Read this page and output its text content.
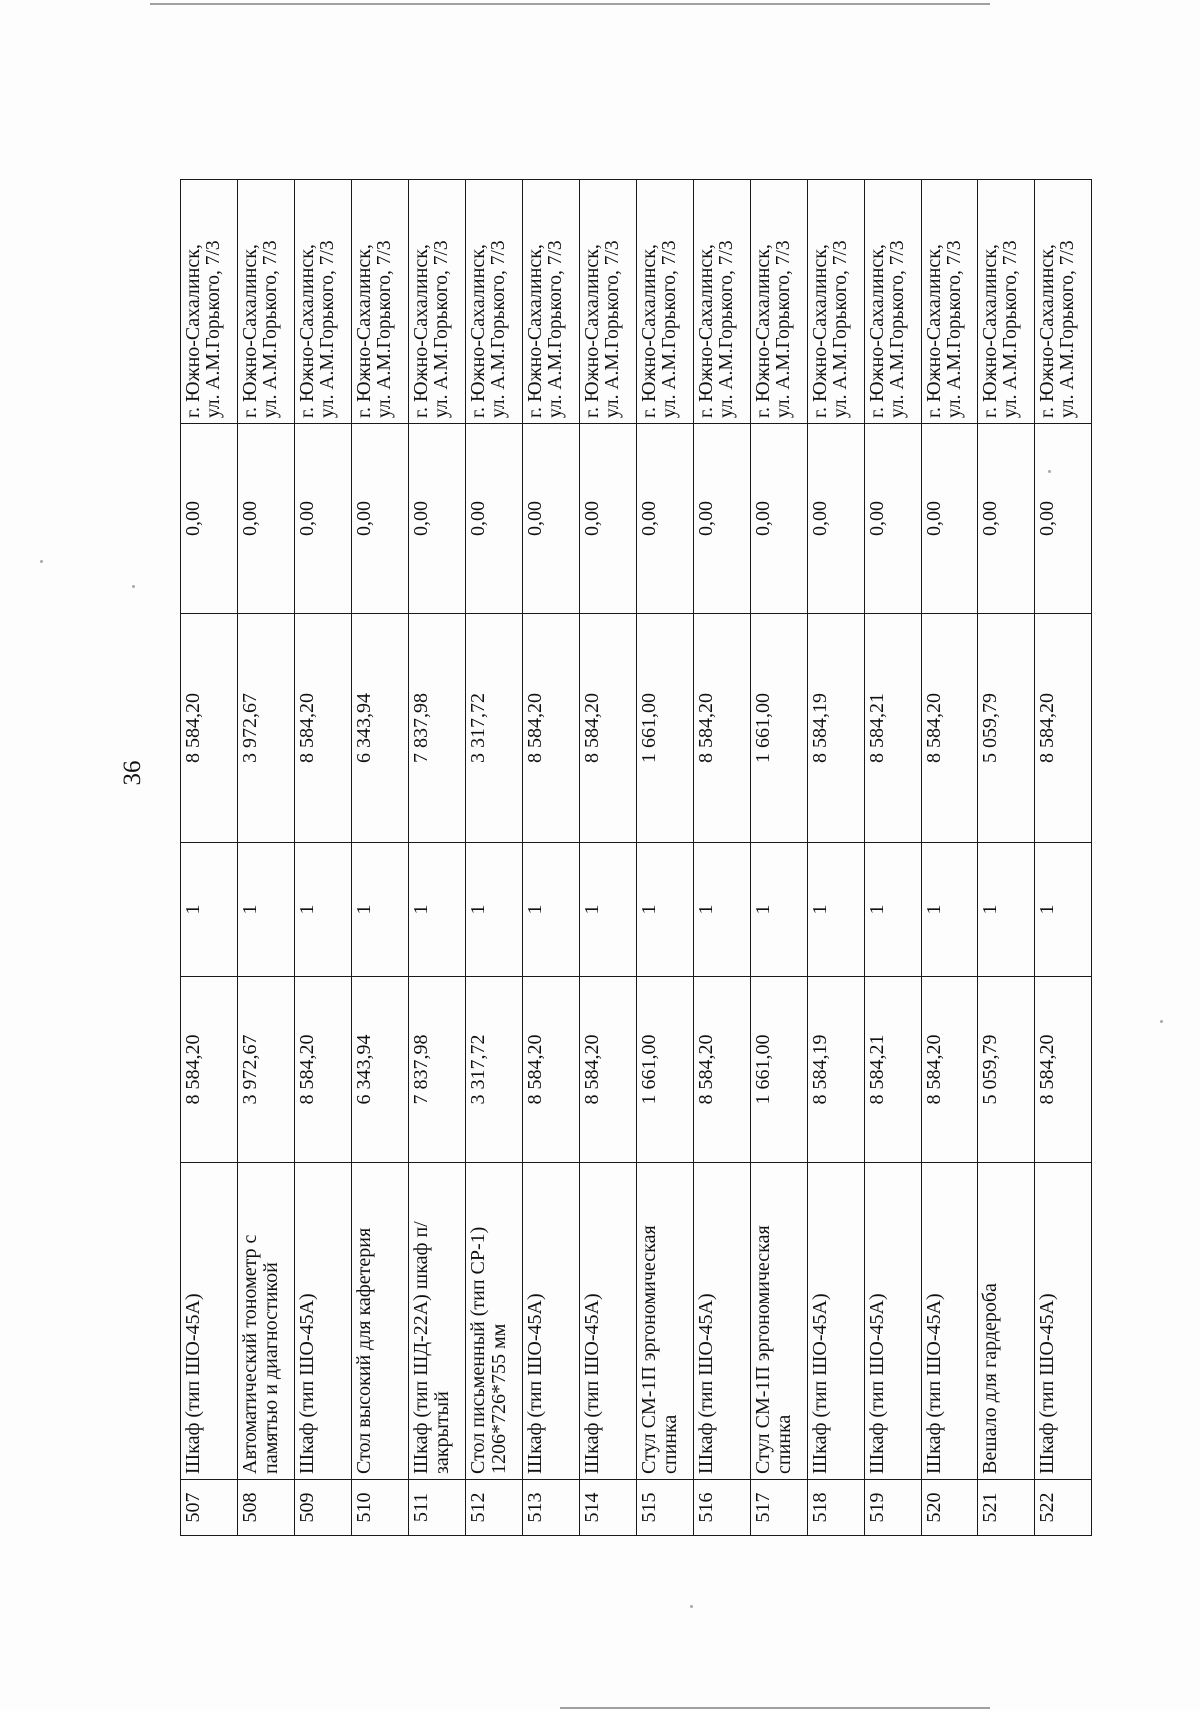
36
507	Шкаф (тип ШО-45А)	8 584,20	1	8 584,20	0,00	г. Южно-Сахалинск, ул. А.М.Горького, 7/3

508	Автоматический тонометр с памятью и диагностикой	3 972,67	1	3 972,67	0,00	г. Южно-Сахалинск, ул. А.М.Горького, 7/3

509	Шкаф (тип ШО-45А)	8 584,20	1	8 584,20	0,00	г. Южно-Сахалинск, ул. А.М.Горького, 7/3

510	Стол высокий для кафетерия	6 343,94	1	6 343,94	0,00	г. Южно-Сахалинск, ул. А.М.Горького, 7/3

511	Шкаф (тип ШД-22А) шкаф п/закрытый	7 837,98	1	7 837,98	0,00	г. Южно-Сахалинск, ул. А.М.Горького, 7/3

512	Стол письменный (тип СР-1) 1206*726*755 мм	3 317,72	1	3 317,72	0,00	г. Южно-Сахалинск, ул. А.М.Горького, 7/3

513	Шкаф (тип ШО-45А)	8 584,20	1	8 584,20	0,00	г. Южно-Сахалинск, ул. А.М.Горького, 7/3

514	Шкаф (тип ШО-45А)	8 584,20	1	8 584,20	0,00	г. Южно-Сахалинск, ул. А.М.Горького, 7/3

515	Стул СМ-1П эргономическая спинка	1 661,00	1	1 661,00	0,00	г. Южно-Сахалинск, ул. А.М.Горького, 7/3

516	Шкаф (тип ШО-45А)	8 584,20	1	8 584,20	0,00	г. Южно-Сахалинск, ул. А.М.Горького, 7/3

517	Стул СМ-1П эргономическая спинка	1 661,00	1	1 661,00	0,00	г. Южно-Сахалинск, ул. А.М.Горького, 7/3

518	Шкаф (тип ШО-45А)	8 584,19	1	8 584,19	0,00	г. Южно-Сахалинск, ул. А.М.Горького, 7/3

519	Шкаф (тип ШО-45А)	8 584,21	1	8 584,21	0,00	г. Южно-Сахалинск, ул. А.М.Горького, 7/3

520	Шкаф (тип ШО-45А)	8 584,20	1	8 584,20	0,00	г. Южно-Сахалинск, ул. А.М.Горького, 7/3

521	Вешало для гардероба	5 059,79	1	5 059,79	0,00	г. Южно-Сахалинск, ул. А.М.Горького, 7/3

522	Шкаф (тип ШО-45А)	8 584,20	1	8 584,20	0,00	г. Южно-Сахалинск, ул. А.М.Горького, 7/3
